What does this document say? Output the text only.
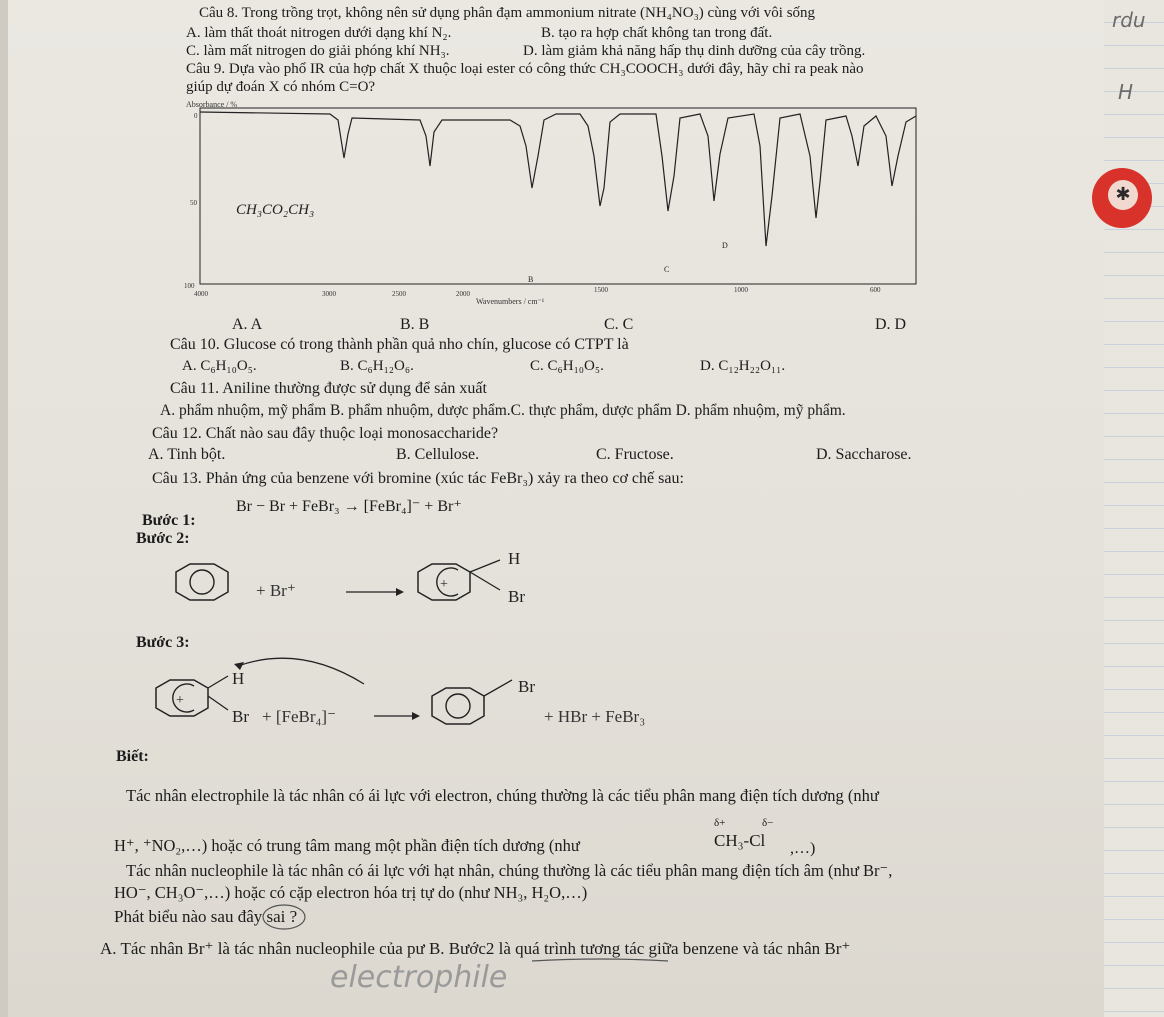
Câu 8. Trong trồng trọt, không nên sử dụng phân đạm ammonium nitrate (NH₄NO₃) cùng với vôi sống
A. làm thất thoát nitrogen dưới dạng khí N₂.	B. tạo ra hợp chất không tan trong đất.
C. làm mất nitrogen do giải phóng khí NH₃.	D. làm giảm khả năng hấp thụ dinh dưỡng của cây trồng.
Câu 9. Dựa vào phổ IR của hợp chất X thuộc loại ester có công thức CH₃COOCH₃ dưới đây, hãy chỉ ra peak nào
giúp dự đoán X có nhóm C=O?
Absorbance / %
0
50
100
CH₃CO₂CH₃
B
C
D
4000	3000	2500	2000	1500	1000	600
Wavenumbers / cm⁻¹
A. A	B. B	C. C	D. D
Câu 10. Glucose có trong thành phần quả nho chín, glucose có CTPT là
A. C₆H₁₀O₅.	B. C₆H₁₂O₆.	C. C₆H₁₀O₅.	D. C₁₂H₂₂O₁₁.
Câu 11. Aniline thường được sử dụng để sản xuất
A. phẩm nhuộm, mỹ phẩm B. phẩm nhuộm, dược phẩm.C. thực phẩm, dược phẩm D. phẩm nhuộm, mỹ phẩm.
Câu 12. Chất nào sau đây thuộc loại monosaccharide?
A. Tinh bột.	B. Cellulose.	C. Fructose.	D. Saccharose.
Câu 13. Phản ứng của benzene với bromine (xúc tác FeBr₃) xảy ra theo cơ chế sau:
Bước 1:
Br − Br + FeBr₃ → [FeBr₄]⁻ + Br⁺
Bước 2:
+ Br⁺	+
H
Br
Bước 3:
+
H
Br + [FeBr₄]⁻
Br
+ HBr + FeBr₃
Biết:
Tác nhân electrophile là tác nhân có ái lực với electron, chúng thường là các tiểu phân mang điện tích dương (như
H⁺, ⁺NO₂,…) hoặc có trung tâm mang một phần điện tích dương (như
δ+	δ−
CH₃-Cl ,…)
Tác nhân nucleophile là tác nhân có ái lực với hạt nhân, chúng thường là các tiểu phân mang điện tích âm (như Br⁻,
HO⁻, CH₃O⁻,…) hoặc có cặp electron hóa trị tự do (như NH₃, H₂O,…)
Phát biểu nào sau đây sai ?
A. Tác nhân Br⁺ là tác nhân nucleophile của pư B. Bước2 là quá trình tương tác giữa benzene và tác nhân Br⁺
electrophile
rdu
H
✱
